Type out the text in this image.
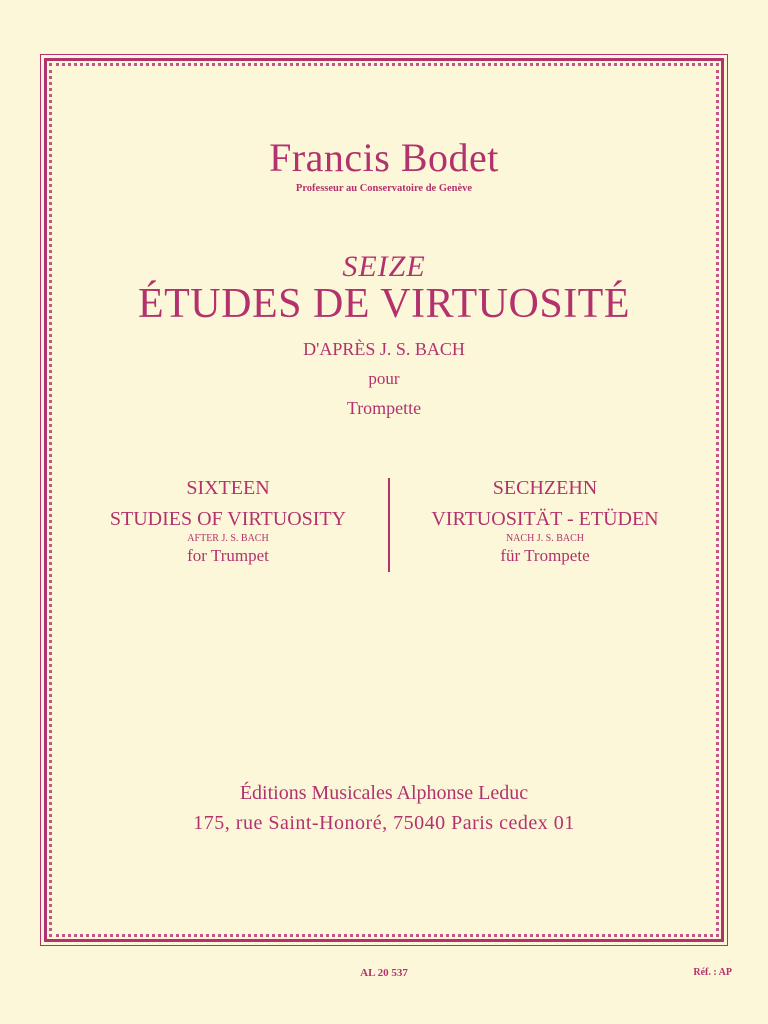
Francis Bodet
Professeur au Conservatoire de Genève
SEIZE
ÉTUDES DE VIRTUOSITÉ
D'APRÈS J. S. BACH
pour
Trompette
SIXTEEN
STUDIES OF VIRTUOSITY
AFTER J. S. BACH
for Trumpet
SECHZEHN
VIRTUOSITÄT - ETÜDEN
NACH J. S. BACH
für Trompete
Éditions Musicales Alphonse Leduc
175, rue Saint-Honoré, 75040 Paris cedex 01
AL 20 537	Réf. : AP
